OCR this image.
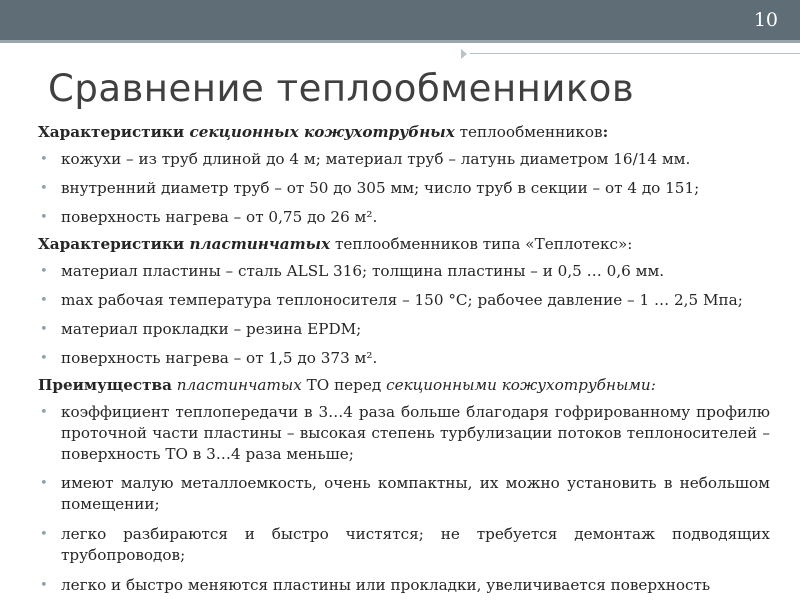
10
Сравнение теплообменников

Характеристики секционных кожухотрубных теплообменников:

• кожухи – из труб длиной до 4 м; материал труб – латунь диаметром 16/14 мм.
• внутренний диаметр труб – от 50 до 305 мм; число труб в секции – от 4 до 151;
• поверхность нагрева – от 0,75 до 26 м².

Характеристики пластинчатых теплообменников типа «Теплотекс»:

• материал пластины – сталь ALSL 316; толщина пластины – и 0,5 … 0,6 мм.
• max рабочая температура теплоносителя – 150 °С; рабочее давление – 1 … 2,5 Мпа;
• материал прокладки – резина EPDM;
• поверхность нагрева – от 1,5 до 373 м².

Преимущества пластинчатых ТО перед секционными кожухотрубными:

• коэффициент теплопередачи в 3…4 раза больше благодаря гофрированному профилю проточной части пластины – высокая степень турбулизации потоков теплоносителей – поверхность ТО в 3…4 раза меньше;
• имеют малую металлоемкость, очень компактны, их можно установить в небольшом помещении;
• легко разбираются и быстро чистятся; не требуется демонтаж подводящих трубопроводов;
• легко и быстро меняются пластины или прокладки, увеличивается поверхность
